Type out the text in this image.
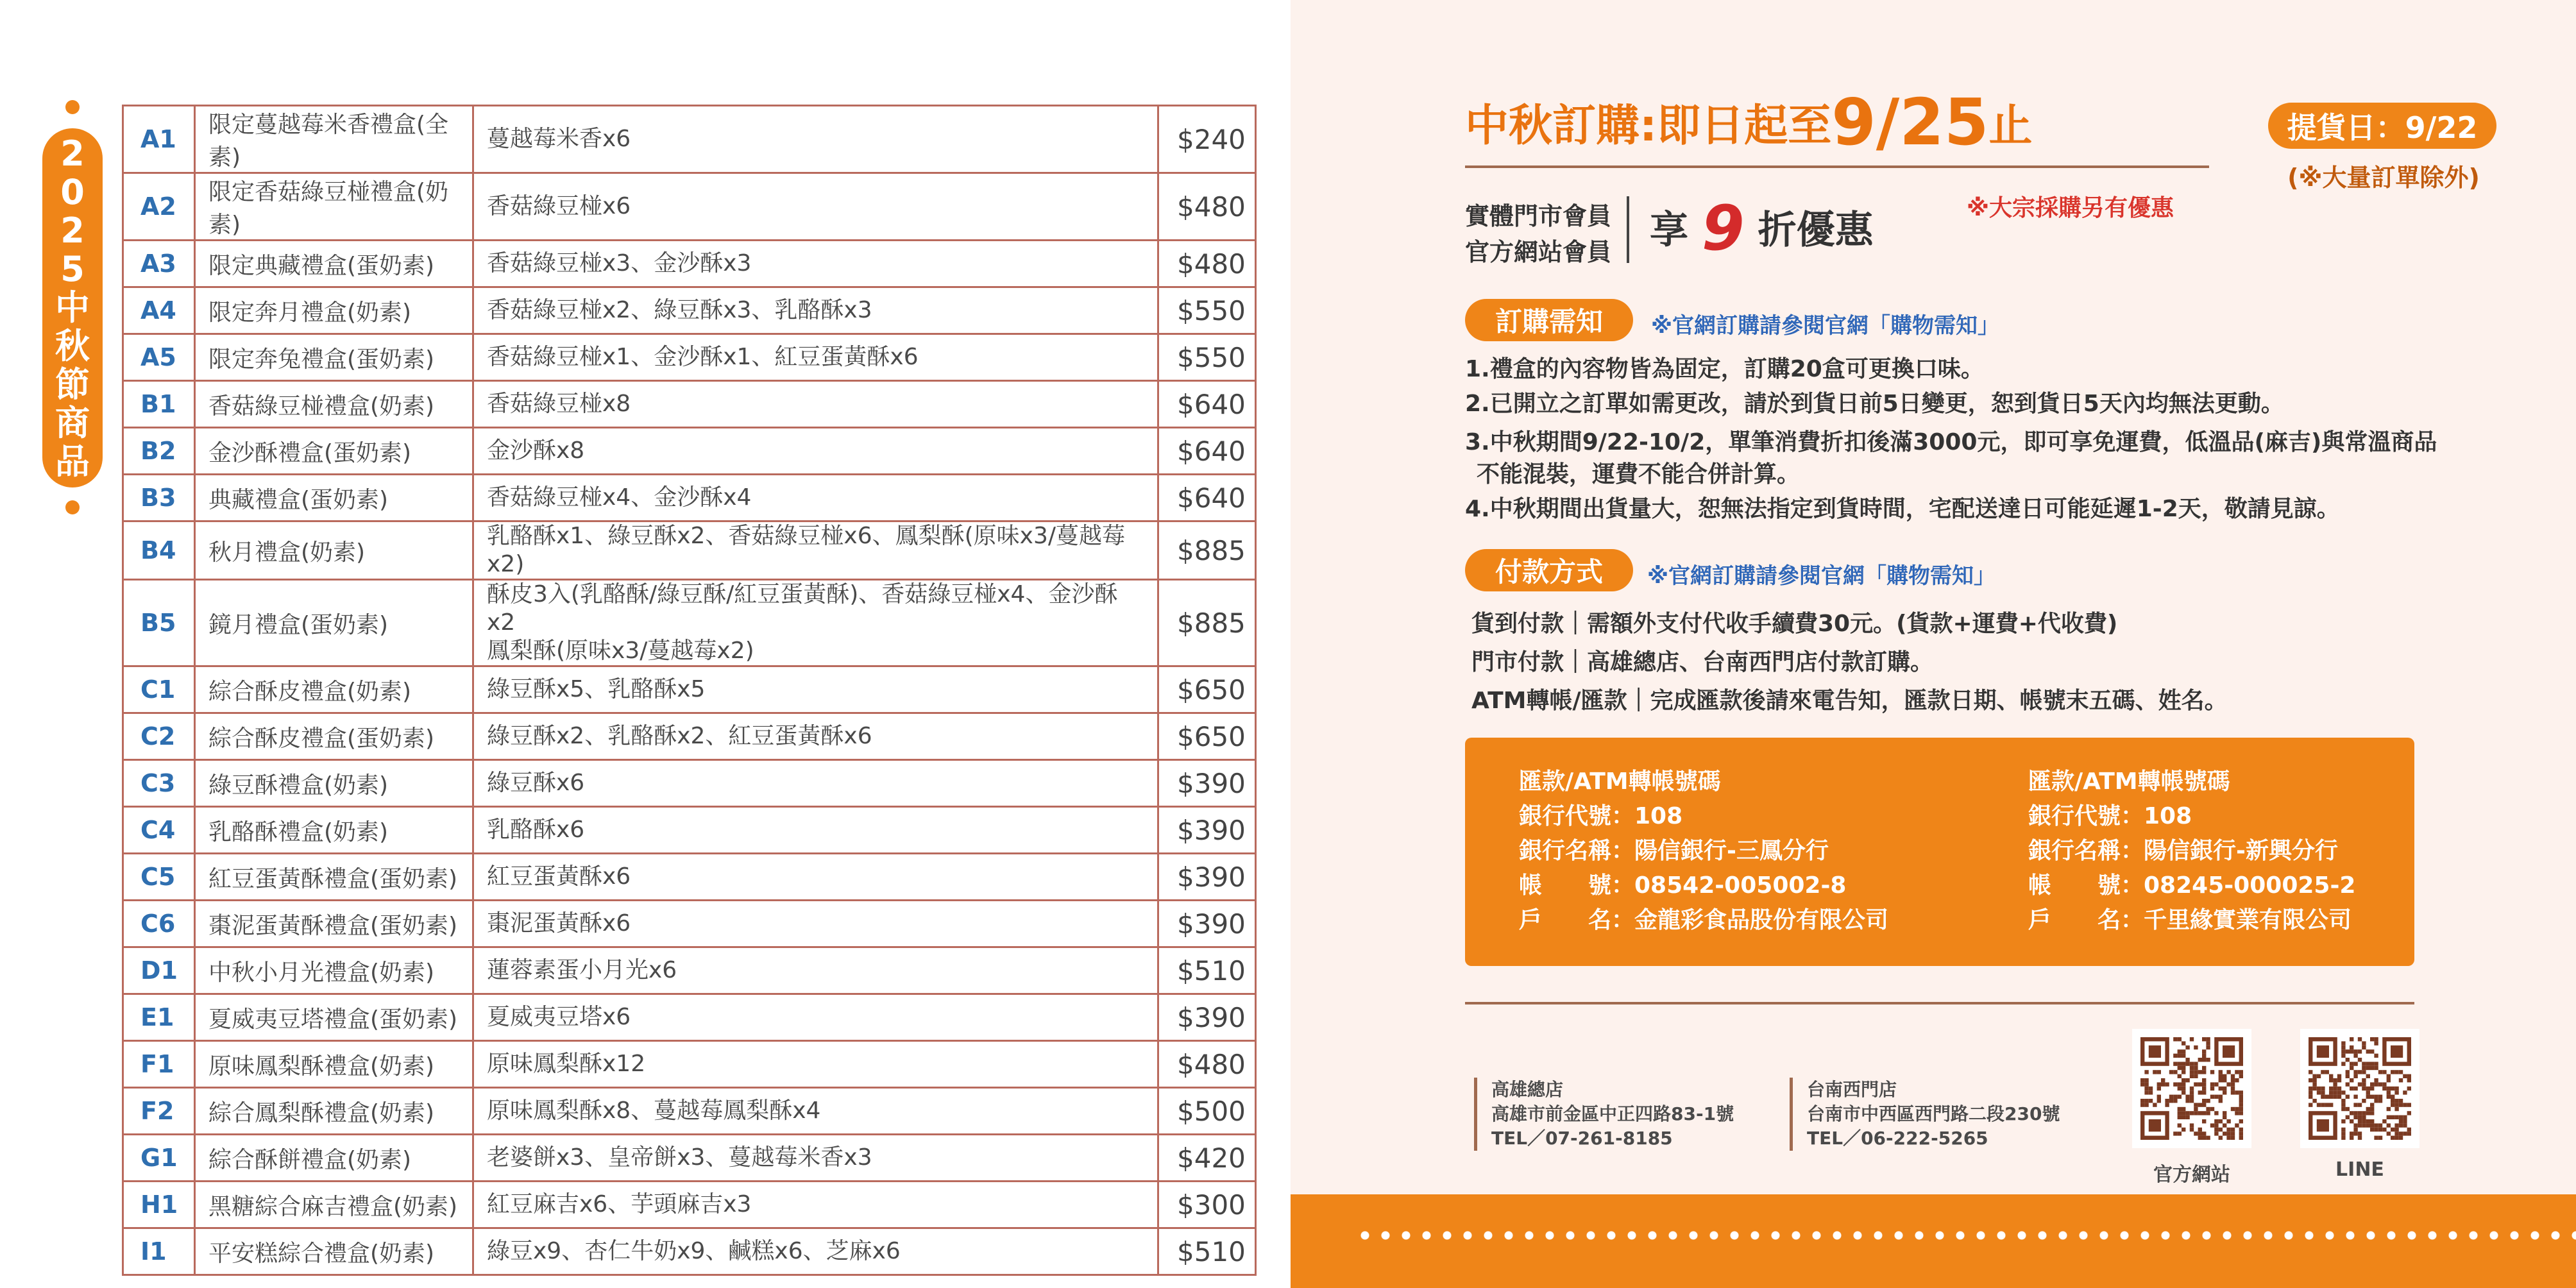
2
0
2
5
中
秋
節
商
品
A1	限定蔓越莓米香禮盒(全素)	蔓越莓米香x6	$240
A2	限定香菇綠豆椪禮盒(奶素)	香菇綠豆椪x6	$480
A3	限定典藏禮盒(蛋奶素)	香菇綠豆椪x3、金沙酥x3	$480
A4	限定奔月禮盒(奶素)	香菇綠豆椪x2、綠豆酥x3、乳酪酥x3	$550
A5	限定奔兔禮盒(蛋奶素)	香菇綠豆椪x1、金沙酥x1、紅豆蛋黃酥x6	$550
B1	香菇綠豆椪禮盒(奶素)	香菇綠豆椪x8	$640
B2	金沙酥禮盒(蛋奶素)	金沙酥x8	$640
B3	典藏禮盒(蛋奶素)	香菇綠豆椪x4、金沙酥x4	$640
B4	秋月禮盒(奶素)	乳酪酥x1、綠豆酥x2、香菇綠豆椪x6、鳳梨酥(原味x3/蔓越莓x2)	$885
B5	鏡月禮盒(蛋奶素)	酥皮3入(乳酪酥/綠豆酥/紅豆蛋黃酥)、香菇綠豆椪x4、金沙酥x2
鳳梨酥(原味x3/蔓越莓x2)	$885
C1	綜合酥皮禮盒(奶素)	綠豆酥x5、乳酪酥x5	$650
C2	綜合酥皮禮盒(蛋奶素)	綠豆酥x2、乳酪酥x2、紅豆蛋黃酥x6	$650
C3	綠豆酥禮盒(奶素)	綠豆酥x6	$390
C4	乳酪酥禮盒(奶素)	乳酪酥x6	$390
C5	紅豆蛋黃酥禮盒(蛋奶素)	紅豆蛋黃酥x6	$390
C6	棗泥蛋黃酥禮盒(蛋奶素)	棗泥蛋黃酥x6	$390
D1	中秋小月光禮盒(奶素)	蓮蓉素蛋小月光x6	$510
E1	夏威夷豆塔禮盒(蛋奶素)	夏威夷豆塔x6	$390
F1	原味鳳梨酥禮盒(奶素)	原味鳳梨酥x12	$480
F2	綜合鳳梨酥禮盒(奶素)	原味鳳梨酥x8、蔓越莓鳳梨酥x4	$500
G1	綜合酥餅禮盒(奶素)	老婆餅x3、皇帝餅x3、蔓越莓米香x3	$420
H1	黑糖綜合麻吉禮盒(奶素)	紅豆麻吉x6、芋頭麻吉x3	$300
I1	平安糕綜合禮盒(奶素)	綠豆x9、杏仁牛奶x9、鹹糕x6、芝麻x6	$510
中秋訂購:即日起至9/25止	提貨日：9/22
(※大量訂單除外)
實體門市會員
官方網站會員 享 9 折優惠	※大宗採購另有優惠
訂購需知	※官網訂購請參閱官網「購物需知」
1.禮盒的內容物皆為固定，訂購20盒可更換口味。
2.已開立之訂單如需更改，請於到貨日前5日變更，恕到貨日5天內均無法更動。
3.中秋期間9/22-10/2，單筆消費折扣後滿3000元，即可享免運費，低溫品(麻吉)與常溫商品
不能混裝，運費不能合併計算。
4.中秋期間出貨量大，恕無法指定到貨時間，宅配送達日可能延遲1-2天，敬請見諒。
付款方式	※官網訂購請參閱官網「購物需知」
貨到付款｜需額外支付代收手續費30元。(貨款+運費+代收費)
門市付款｜高雄總店、台南西門店付款訂購。
ATM轉帳/匯款｜完成匯款後請來電告知，匯款日期、帳號末五碼、姓名。
匯款/ATM轉帳號碼
銀行代號：108
銀行名稱：陽信銀行-三鳳分行
帳　　號：08542-005002-8
戶　　名：金龍彩食品股份有限公司
匯款/ATM轉帳號碼
銀行代號：108
銀行名稱：陽信銀行-新興分行
帳　　號：08245-000025-2
戶　　名：千里緣實業有限公司
高雄總店
高雄市前金區中正四路83-1號
TEL／07-261-8185
台南西門店
台南市中西區西門路二段230號
TEL／06-222-5265
官方網站	LINE
